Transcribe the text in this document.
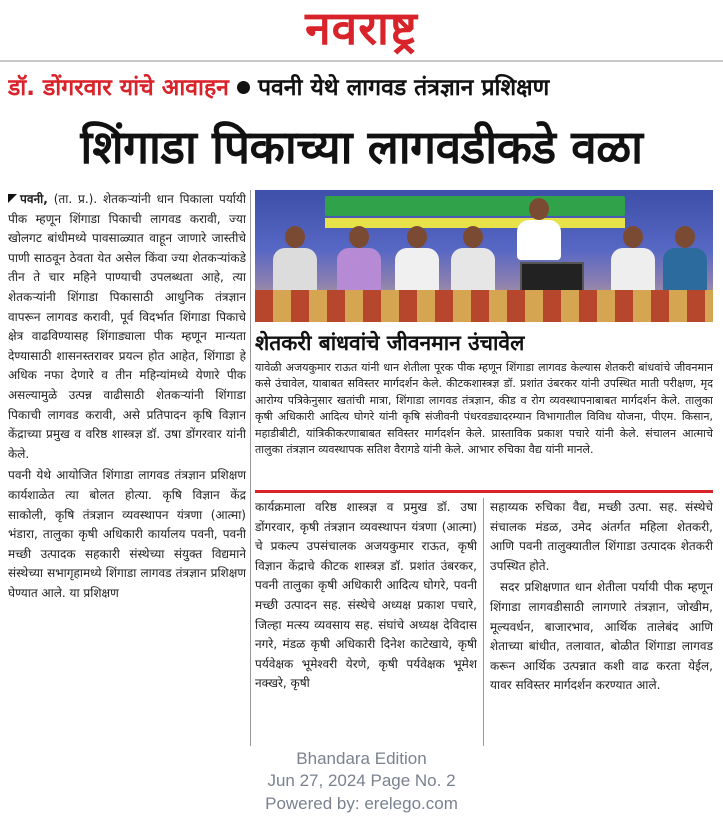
नवराष्ट्र
डॉ. डोंगरवार यांचे आवाहन पवनी येथे लागवड तंत्रज्ञान प्रशिक्षण
शिंगाडा पिकाच्या लागवडीकडे वळा

पवनी, (ता. प्र.). शेतकऱ्यांनी धान पिकाला पर्यायी पीक म्हणून शिंगाडा पिकाची लागवड करावी, ज्या खोलगट बांधीमध्ये पावसाळ्यात वाहून जाणारे जास्तीचे पाणी साठवून ठेवता येत असेल किंवा ज्या शेतकऱ्यांकडे तीन ते चार महिने पाण्याची उपलब्धता आहे, त्या शेतकऱ्यांनी शिंगाडा पिकासाठी आधुनिक तंत्रज्ञान वापरून लागवड करावी, पूर्व विदर्भात शिंगाडा पिकाचे क्षेत्र वाढविण्यासह शिंगाड्याला पीक म्हणून मान्यता देण्यासाठी शासनस्तरावर प्रयत्न होत आहेत, शिंगाडा हे अधिक नफा देणारे व तीन महिन्यांमध्ये येणारे पीक असल्यामुळे उत्पन्न वाढीसाठी शेतकऱ्यांनी शिंगाडा पिकाची लागवड करावी, असे प्रतिपादन कृषि विज्ञान केंद्राच्या प्रमुख व वरिष्ठ शास्त्रज्ञ डॉ. उषा डोंगरवार यांनी केले.

पवनी येथे आयोजित शिंगाडा लागवड तंत्रज्ञान प्रशिक्षण कार्यशाळेत त्या बोलत होत्या. कृषि विज्ञान केंद्र साकोली, कृषि तंत्रज्ञान व्यवस्थापन यंत्रणा (आत्मा) भंडारा, तालुका कृषी अधिकारी कार्यालय पवनी, पवनी मच्छी उत्पादक सहकारी संस्थेच्या संयुक्त विद्यमाने संस्थेच्या सभागृहामध्ये शिंगाडा लागवड तंत्रज्ञान प्रशिक्षण घेण्यात आले. या प्रशिक्षण

शेतकरी बांधवांचे जीवनमान उंचावेल
यावेळी अजयकुमार राऊत यांनी धान शेतीला पूरक पीक म्हणून शिंगाडा लागवड केल्यास शेतकरी बांधवांचे जीवनमान कसे उंचावेल, याबाबत सविस्तर मार्गदर्शन केले. कीटकशास्त्रज्ञ डॉ. प्रशांत उंबरकर यांनी उपस्थित माती परीक्षण, मृद आरोग्य पत्रिकेनुसार खतांची मात्रा, शिंगाडा लागवड तंत्रज्ञान, कीड व रोग व्यवस्थापनाबाबत मार्गदर्शन केले. तालुका कृषी अधिकारी आदित्य घोगरे यांनी कृषि संजीवनी पंधरवड्यादरम्यान विभागातील विविध योजना, पीएम. किसान, महाडीबीटी, यांत्रिकीकरणाबाबत सविस्तर मार्गदर्शन केले. प्रास्ताविक प्रकाश पचारे यांनी केले. संचालन आत्माचे तालुका तंत्रज्ञान व्यवस्थापक सतिश वैरागडे यांनी केले. आभार रुचिका वैद्य यांनी मानले.

कार्यक्रमाला वरिष्ठ शास्त्रज्ञ व प्रमुख डॉ. उषा डोंगरवार, कृषी तंत्रज्ञान व्यवस्थापन यंत्रणा (आत्मा) चे प्रकल्प उपसंचालक अजयकुमार राऊत, कृषी विज्ञान केंद्राचे कीटक शास्त्रज्ञ डॉ. प्रशांत उंबरकर, पवनी तालुका कृषी अधिकारी आदित्य घोगरे, पवनी मच्छी उत्पादन सह. संस्थेचे अध्यक्ष प्रकाश पचारे, जिल्हा मत्स्य व्यवसाय सह. संघांचे अध्यक्ष देविदास नगरे, मंडळ कृषी अधिकारी दिनेश काटेखाये, कृषी पर्यवेक्षक भूमेश्वरी येरणे, कृषी पर्यवेक्षक भूमेश नक्खरे, कृषी

सहाय्यक रुचिका वैद्य, मच्छी उत्पा. सह. संस्थेचे संचालक मंडळ, उमेद अंतर्गत महिला शेतकरी, आणि पवनी तालुक्यातील शिंगाडा उत्पादक शेतकरी उपस्थित होते.

सदर प्रशिक्षणात धान शेतीला पर्यायी पीक म्हणून शिंगाडा लागवडीसाठी लागणारे तंत्रज्ञान, जोखीम, मूल्यवर्धन, बाजारभाव, आर्थिक तालेबंद आणि शेताच्या बांधीत, तलावात, बोळीत शिंगाडा लागवड करून आर्थिक उत्पन्नात कशी वाढ करता येईल, यावर सविस्तर मार्गदर्शन करण्यात आले.

Bhandara Edition
Jun 27, 2024 Page No. 2
Powered by: erelego.com
